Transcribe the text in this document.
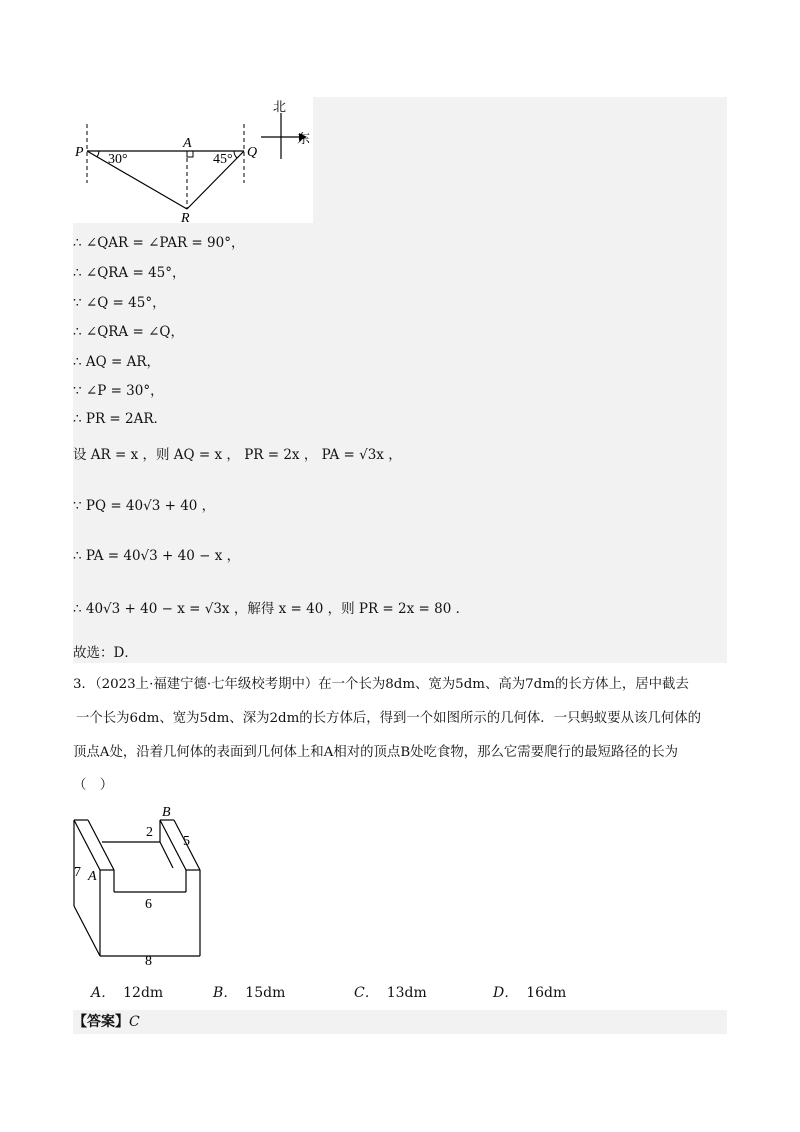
P
A
Q
R
30°	45°
北
东
∴ ∠QAR = ∠PAR = 90°，
∴ ∠QRA = 45°，
∵ ∠Q = 45°，
∴ ∠QRA = ∠Q，
∴ AQ = AR，
∵ ∠P = 30°，
∴ PR = 2AR．
设 AR = x ，则 AQ = x ， PR = 2x ， PA = √3x ，
∵ PQ = 40√3 + 40 ，
∴ PA = 40√3 + 40 − x ，
∴ 40√3 + 40 − x = √3x ，解得 x = 40 ，则 PR = 2x = 80 ．
故选：D．
3．（2023上·福建宁德·七年级校考期中）在一个长为8dm、宽为5dm、高为7dm的长方体上，居中截去
一个长为6dm、宽为5dm、深为2dm的长方体后，得到一个如图所示的几何体．一只蚂蚁要从该几何体的
顶点A处，沿着几何体的表面到几何体上和A相对的顶点B处吃食物，那么它需要爬行的最短路径的长为
（　）
B
2
5
7 A
6
8
A． 12dm	B． 15dm	C． 13dm	D． 16dm
【答案】C
